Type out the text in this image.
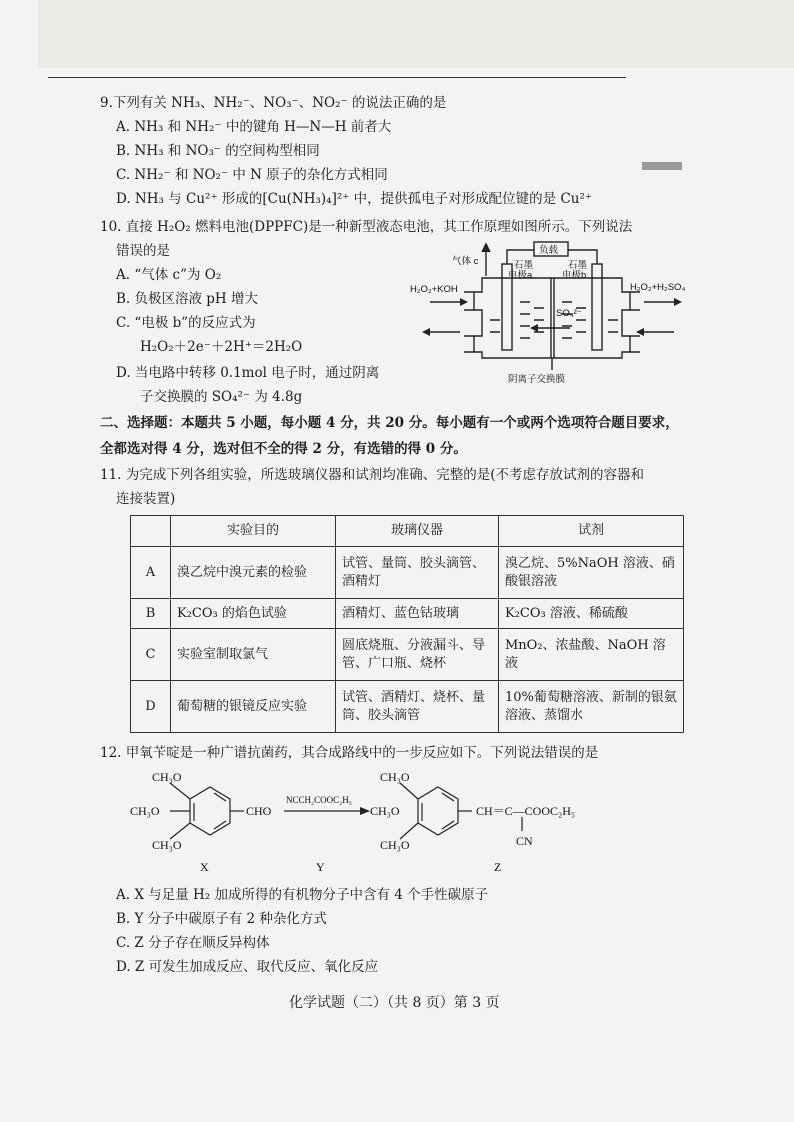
9.下列有关 NH₃、NH₂⁻、NO₃⁻、NO₂⁻ 的说法正确的是
A. NH₃ 和 NH₂⁻ 中的键角 H—N—H 前者大
B. NH₃ 和 NO₃⁻ 的空间构型相同
C. NH₂⁻ 和 NO₂⁻ 中 N 原子的杂化方式相同
D. NH₃ 与 Cu²⁺ 形成的[Cu(NH₃)₄]²⁺ 中，提供孤电子对形成配位键的是 Cu²⁺
10. 直接 H₂O₂ 燃料电池(DPPFC)是一种新型液态电池，其工作原理如图所示。下列说法
错误的是
A. “气体 c”为 O₂
B. 负极区溶液 pH 增大
C. “电极 b”的反应式为
H₂O₂＋2e⁻＋2H⁺＝2H₂O
D. 当电路中转移 0.1mol 电子时，通过阴离
子交换膜的 SO₄²⁻ 为 4.8g
气体 c
负载
石墨
电极a
石墨
电极b
H₂O₂+KOH	H₂O₂+H₂SO₄
SO₄²⁻
阴离子交换膜
二、选择题：本题共 5 小题，每小题 4 分，共 20 分。每小题有一个或两个选项符合题目要求，
全都选对得 4 分，选对但不全的得 2 分，有选错的得 0 分。
11. 为完成下列各组实验，所选玻璃仪器和试剂均准确、完整的是(不考虑存放试剂的容器和
连接装置)
	实验目的	玻璃仪器	试剂
A	溴乙烷中溴元素的检验	试管、量筒、胶头滴管、酒精灯	溴乙烷、5%NaOH 溶液、硝酸银溶液
B	K₂CO₃ 的焰色试验	酒精灯、蓝色钴玻璃	K₂CO₃ 溶液、稀硫酸
C	实验室制取氯气	圆底烧瓶、分液漏斗、导管、广口瓶、烧杯	MnO₂、浓盐酸、NaOH 溶液
D	葡萄糖的银镜反应实验	试管、酒精灯、烧杯、量筒、胶头滴管	10%葡萄糖溶液、新制的银氨溶液、蒸馏水
12. 甲氧苄啶是一种广谱抗菌药，其合成路线中的一步反应如下。下列说法错误的是
CH₃O
CH₃O
CH₃O
CHO
NCCH₂COOC₂H₅
CH₃O
CH₃O
CH₃O
CH＝C—COOC₂H₅
CN
X	Y	Z
A. X 与足量 H₂ 加成所得的有机物分子中含有 4 个手性碳原子
B. Y 分子中碳原子有 2 种杂化方式
C. Z 分子存在顺反异构体
D. Z 可发生加成反应、取代反应、氧化反应
化学试题（二）（共 8 页）第 3 页
